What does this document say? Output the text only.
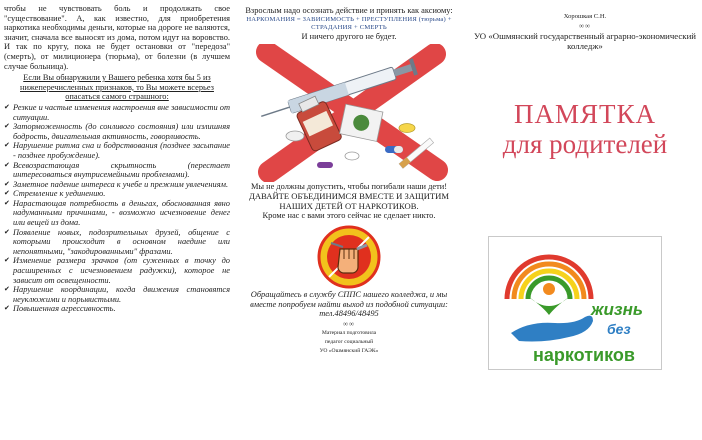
чтобы не чувствовать боль и продолжать свое "существование". А, как известно, для приобретения наркотика необходимы деньги, которые на дороге не валяются, значит, сначала все выносят из дома, потом идут на воровство. И так по кругу, пока не будет остановки от "передоза" (смерть), от милиционера (тюрьма), от болезни (в лучшем случае больница).

Если Вы обнаружили у Вашего ребенка хотя бы 5 из нижеперечисленных признаков, то Вы можете всерьез опасаться самого страшного:

✔ Резкие и частые изменения настроения вне зависимости от ситуации.
✔ Заторможенность (до сонливого состояния) или излишняя бодрость, двигательная активность, говорливость.
✔ Нарушение ритма сна и бодрствования (позднее засыпание - позднее пробуждение).
✔ Всевозрастающая скрытность (перестает интересоваться внутрисемейными проблемами).
✔ Заметное падение интереса к учебе и прежним увлечениям.
✔ Стремление к уединению.
✔ Нарастающая потребность в деньгах, обоснованная явно надуманными причинами, - возможно исчезновение денег или вещей из дома.
✔ Появление новых, подозрительных друзей, общение с которыми происходит в основном наедине или непонятными, "закодированными" фразами.
✔ Изменение размера зрачков (от суженных в точку до расширенных с исчезновением радужки), которое не зависит от освещенности.
✔ Нарушение координации, когда движения становятся неуклюжими и порывистыми.
✔ Повышенная агрессивность.

Взрослым надо осознать действие и принять как аксиому:

НАРКОМАНИЯ = ЗАВИСИМОСТЬ + ПРЕСТУПЛЕНИЯ (тюрьма) + СТРАДАНИЯ + СМЕРТЬ

И ничего другого не будет.

Мы не должны допустить, чтобы погибали наши дети!

ДАВАЙТЕ ОБЪЕДИНИМСЯ ВМЕСТЕ И ЗАЩИТИМ НАШИХ ДЕТЕЙ ОТ НАРКОТИКОВ.

Кроме нас с вами этого сейчас не сделает никто.

Обращайтесь в службу СППС нашего колледжа, и мы вместе попробуем найти выход из подобной ситуации:

тел.48496/48495

∞∞

Материал подготовила

педагог социальный

УО «Ошмянский ГАЭК»

Хорошкая С.Н.

∞∞

УО «Ошмянский государственный аграрно-экономический колледж»

ПАМЯТКА

для родителей

жизнь
без
наркотиков
